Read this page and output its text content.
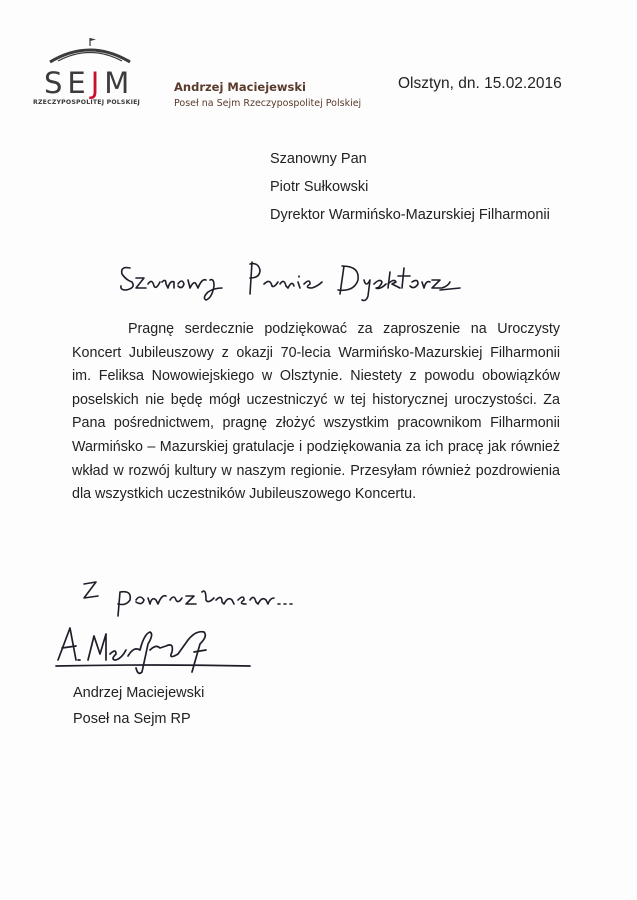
SEJM
RZECZYPOSPOLITEJ POLSKIEJ
Andrzej Maciejewski
Poseł na Sejm Rzeczypospolitej Polskiej
Olsztyn, dn. 15.02.2016
Szanowny Pan
Piotr Sułkowski
Dyrektor Warmińsko-Mazurskiej Filharmonii

Pragnę serdecznie podziękować za zaproszenie na Uroczysty Koncert Jubileuszowy z okazji 70-lecia Warmińsko-Mazurskiej Filharmonii im. Feliksa Nowowiejskiego w Olsztynie. Niestety z powodu obowiązków poselskich nie będę mógł uczestniczyć w tej historycznej uroczystości. Za Pana pośrednictwem, pragnę złożyć wszystkim pracownikom Filharmonii Warmińsko – Mazurskiej gratulacje i podziękowania za ich pracę jak również wkład w rozwój kultury w naszym regionie. Przesyłam również pozdrowienia dla wszystkich uczestników Jubileuszowego Koncertu.

Andrzej Maciejewski
Poseł na Sejm RP
